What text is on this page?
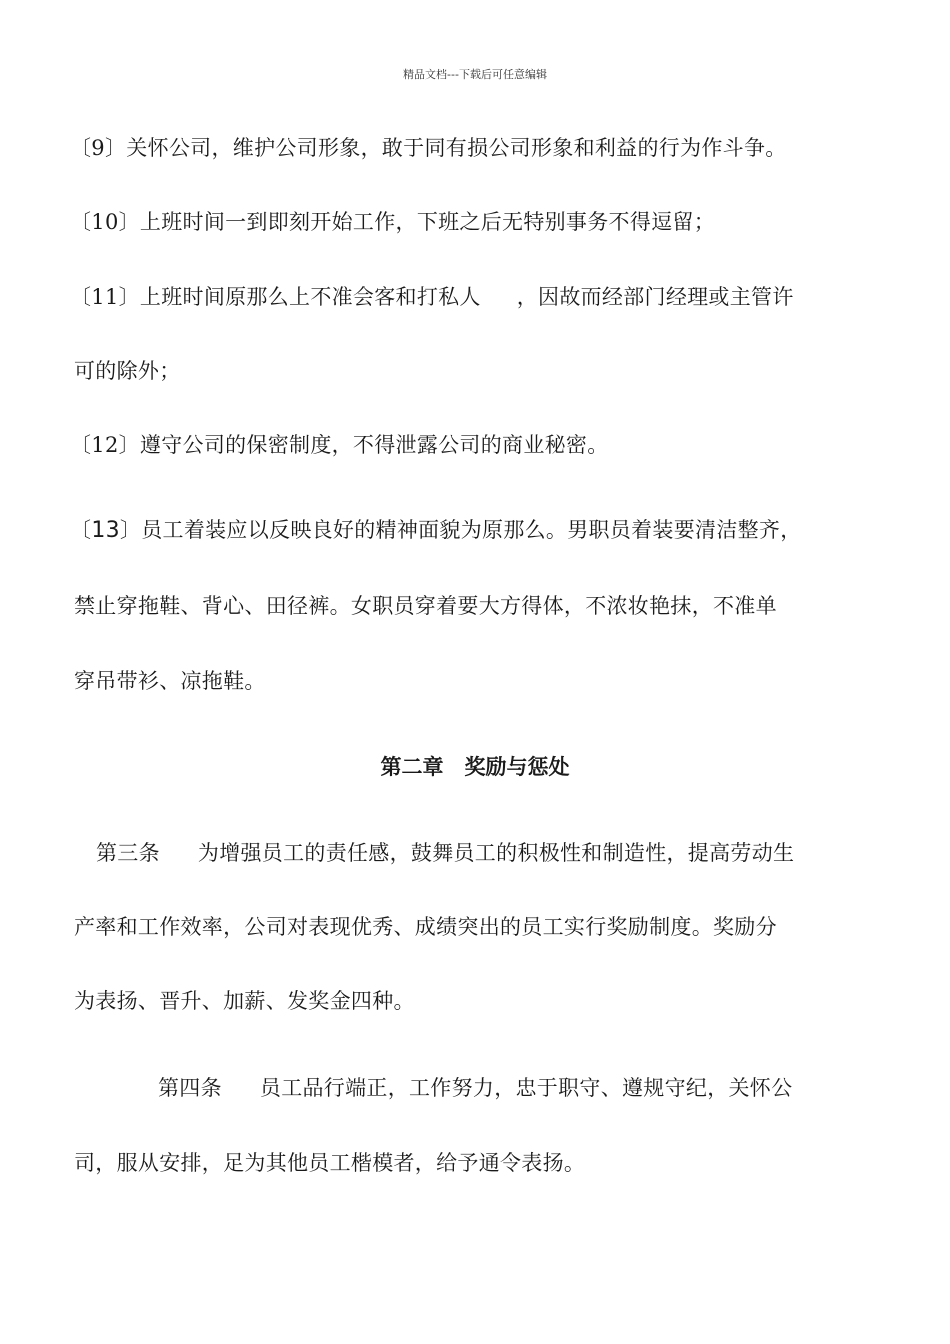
精品文档---下载后可任意编辑
〔9〕关怀公司，维护公司形象，敢于同有损公司形象和利益的行为作斗争。
〔10〕上班时间一到即刻开始工作，下班之后无特别事务不得逗留；
〔11〕上班时间原那么上不准会客和打私人 ，因故而经部门经理或主管许
可的除外；
〔12〕遵守公司的保密制度，不得泄露公司的商业秘密。
〔13〕员工着装应以反映良好的精神面貌为原那么。男职员着装要清洁整齐，
禁止穿拖鞋、背心、田径裤。女职员穿着要大方得体，不浓妆艳抹，不准单
穿吊带衫、凉拖鞋。
第二章　奖励与惩处
第三条 为增强员工的责任感，鼓舞员工的积极性和制造性，提高劳动生
产率和工作效率，公司对表现优秀、成绩突出的员工实行奖励制度。奖励分
为表扬、晋升、加薪、发奖金四种。
第四条 员工品行端正，工作努力，忠于职守、遵规守纪，关怀公
司，服从安排，足为其他员工楷模者，给予通令表扬。
